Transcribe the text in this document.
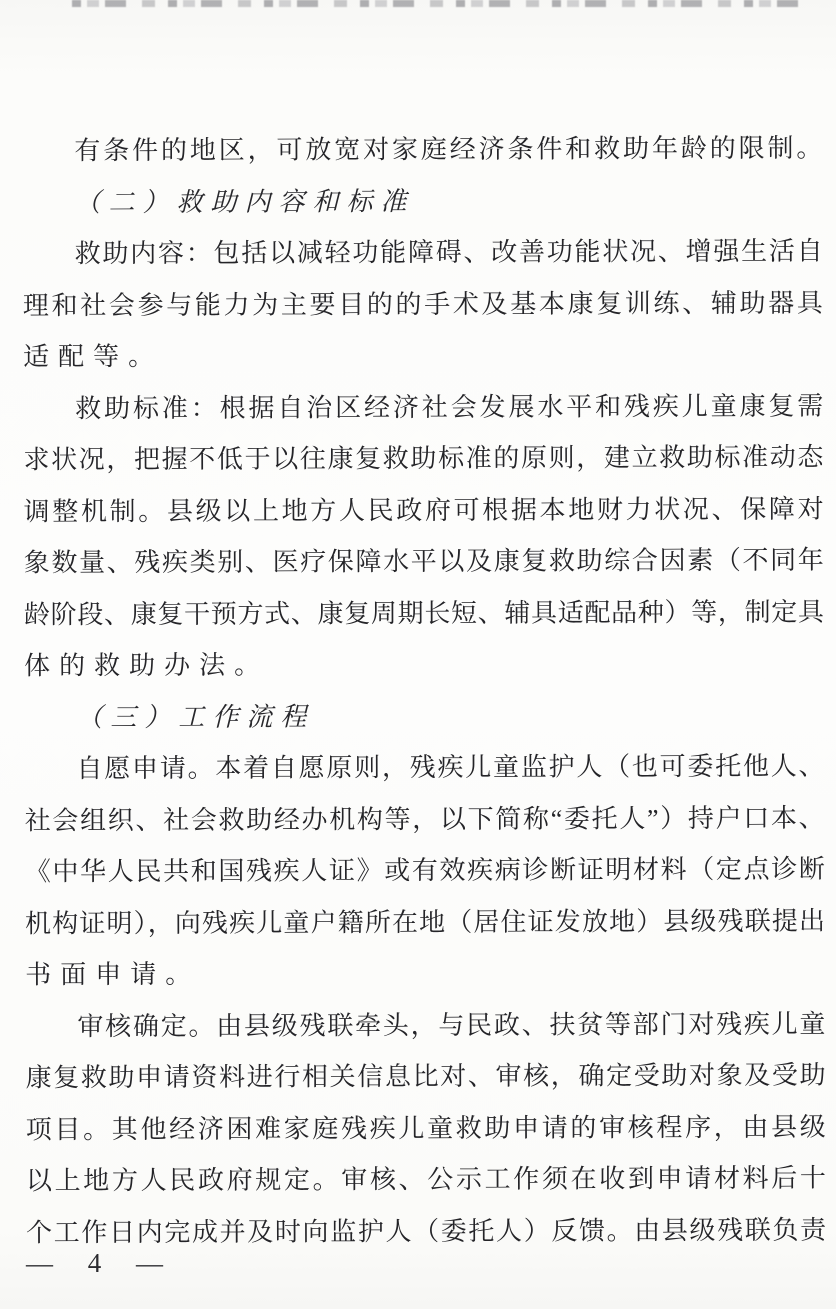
有条件的地区，可放宽对家庭经济条件和救助年龄的限制。
（二）救助内容和标准
救助内容：包括以减轻功能障碍、改善功能状况、增强生活自
理和社会参与能力为主要目的的手术及基本康复训练、辅助器具
适配等。
救助标准：根据自治区经济社会发展水平和残疾儿童康复需
求状况，把握不低于以往康复救助标准的原则，建立救助标准动态
调整机制。县级以上地方人民政府可根据本地财力状况、保障对
象数量、残疾类别、医疗保障水平以及康复救助综合因素（不同年
龄阶段、康复干预方式、康复周期长短、辅具适配品种）等，制定具
体的救助办法。
（三）工作流程
自愿申请。本着自愿原则，残疾儿童监护人（也可委托他人、
社会组织、社会救助经办机构等，以下简称“委托人”）持户口本、
《中华人民共和国残疾人证》或有效疾病诊断证明材料（定点诊断
机构证明），向残疾儿童户籍所在地（居住证发放地）县级残联提出
书面申请。
审核确定。由县级残联牵头，与民政、扶贫等部门对残疾儿童
康复救助申请资料进行相关信息比对、审核，确定受助对象及受助
项目。其他经济困难家庭残疾儿童救助申请的审核程序，由县级
以上地方人民政府规定。审核、公示工作须在收到申请材料后十
个工作日内完成并及时向监护人（委托人）反馈。由县级残联负责
— 4 —
